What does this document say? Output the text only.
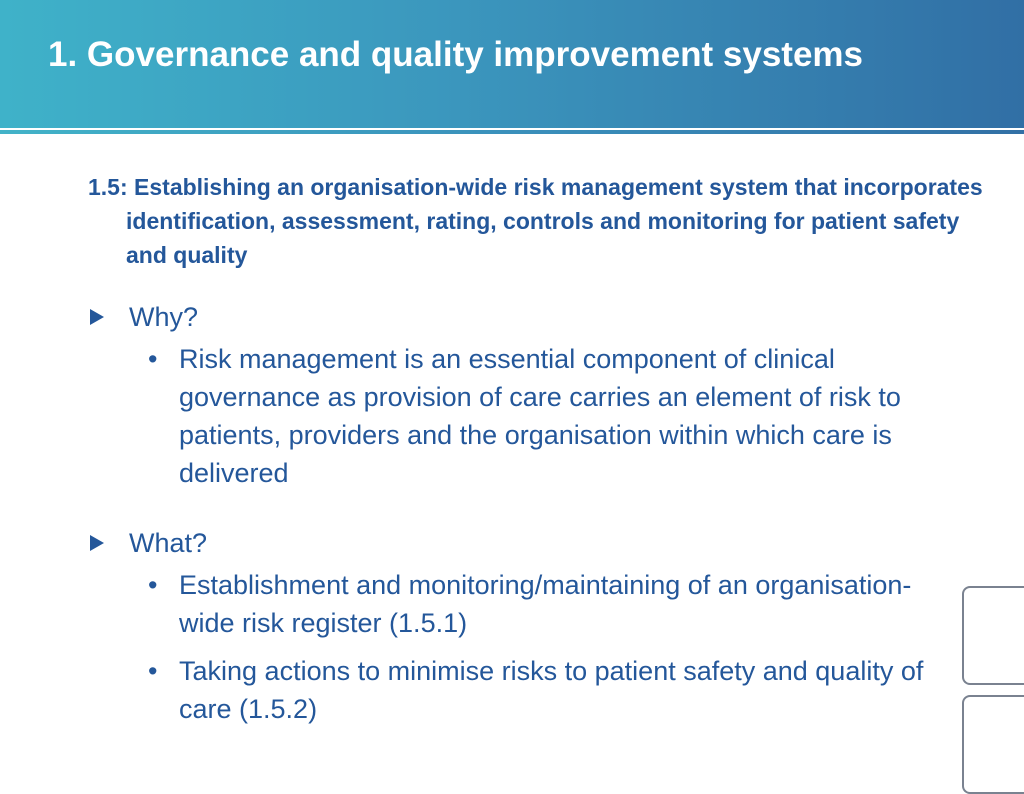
1. Governance and quality improvement systems

1.5: Establishing an organisation-wide risk management system that incorporates identification, assessment, rating, controls and monitoring for patient safety and quality

Why?
• Risk management is an essential component of clinical governance as provision of care carries an element of risk to patients, providers and the organisation within which care is delivered
What?
• Establishment and monitoring/maintaining of an organisation-wide risk register (1.5.1)
• Taking actions to minimise risks to patient safety and quality of care (1.5.2)
